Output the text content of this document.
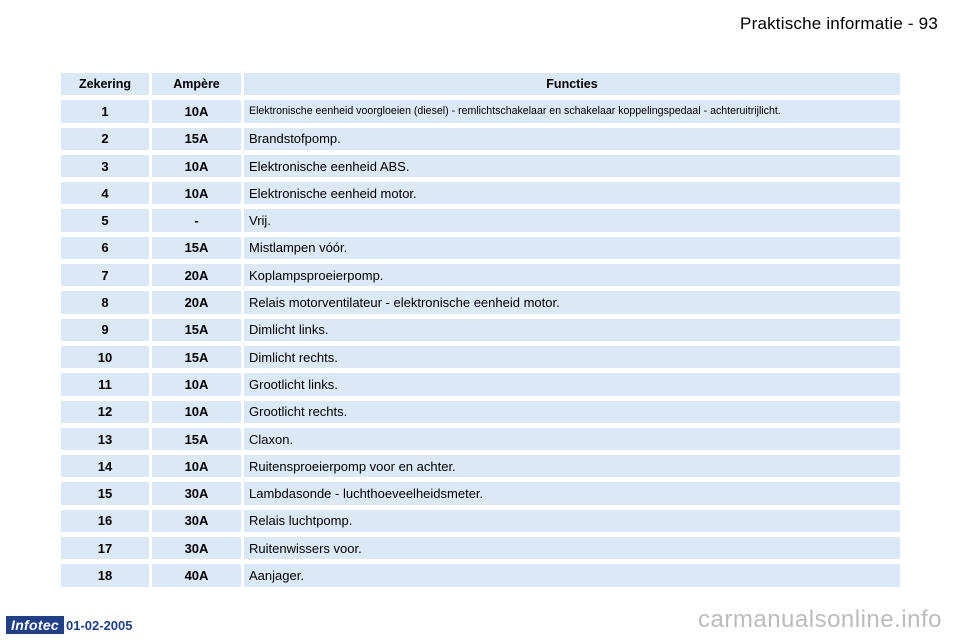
Praktische informatie - 93
Zekering	Ampère	Functies
1	10A	Elektronische eenheid voorgloeien (diesel) - remlichtschakelaar en schakelaar koppelingspedaal - achteruitrijlicht.
2	15A	Brandstofpomp.
3	10A	Elektronische eenheid ABS.
4	10A	Elektronische eenheid motor.
5	-	Vrij.
6	15A	Mistlampen vóór.
7	20A	Koplampsproeierpomp.
8	20A	Relais motorventilateur - elektronische eenheid motor.
9	15A	Dimlicht links.
10	15A	Dimlicht rechts.
11	10A	Grootlicht links.
12	10A	Grootlicht rechts.
13	15A	Claxon.
14	10A	Ruitensproeierpomp voor en achter.
15	30A	Lambdasonde - luchthoeveelheidsmeter.
16	30A	Relais luchtpomp.
17	30A	Ruitenwissers voor.
18	40A	Aanjager.
Infotec 01-02-2005	carmanualsonline.info
